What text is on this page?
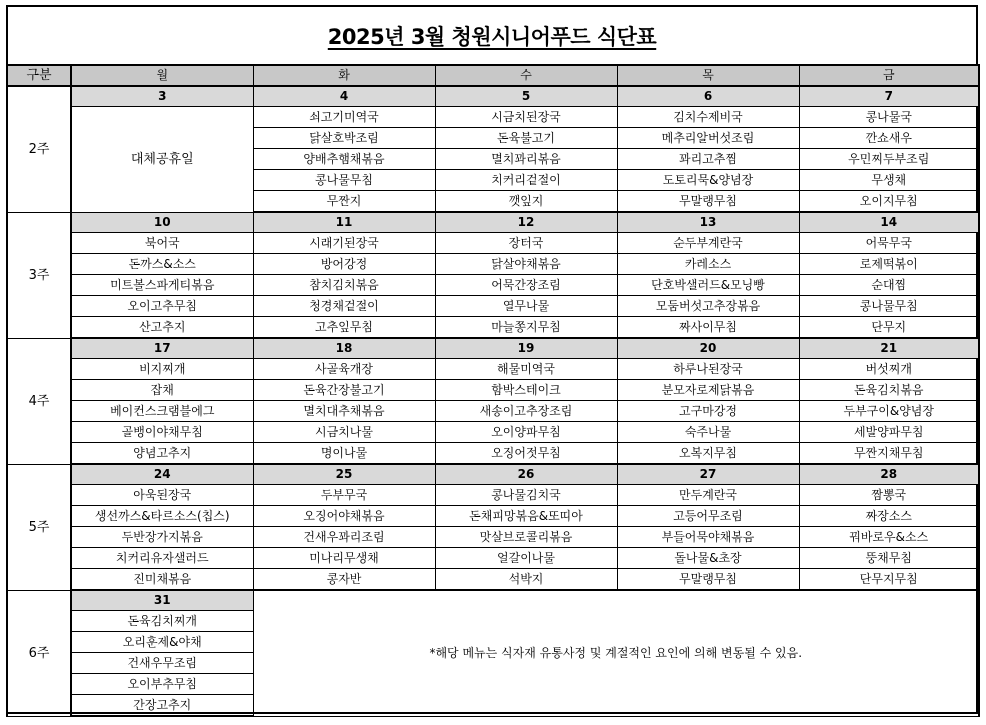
2025년 3월 청원시니어푸드 식단표
구분	월	화	수	목	금
2주	3	4	5	6	7
	대체공휴일	쇠고기미역국	시금치된장국	김치수제비국	콩나물국
		닭살호박조림	돈육불고기	메추리알버섯조림	깐쇼새우
		양배추햄채볶음	멸치꽈리볶음	꽈리고추찜	우민찌두부조림
		콩나물무침	치커리겉절이	도토리묵&양념장	무생채
		무짠지	깻잎지	무말랭무침	오이지무침
3주	10	11	12	13	14
	북어국	시래기된장국	장터국	순두부계란국	어묵무국
	돈까스&소스	방어강정	닭살야채볶음	카레소스	로제떡볶이
	미트볼스파게티볶음	참치김치볶음	어묵간장조림	단호박샐러드&모닝빵	순대찜
	오이고추무침	청경채겉절이	열무나물	모둠버섯고추장볶음	콩나물무침
	산고추지	고추잎무침	마늘쫑지무침	짜사이무침	단무지
4주	17	18	19	20	21
	비지찌개	사골육개장	해물미역국	하루나된장국	버섯찌개
	잡채	돈육간장불고기	함박스테이크	분모자로제닭볶음	돈육김치볶음
	베이컨스크램블에그	멸치대추채볶음	새송이고추장조림	고구마강정	두부구이&양념장
	골뱅이야채무침	시금치나물	오이양파무침	숙주나물	세발양파무침
	양념고추지	명이나물	오징어젓무침	오복지무침	무짠지채무침
5주	24	25	26	27	28
	아욱된장국	두부무국	콩나물김치국	만두계란국	짬뽕국
	생선까스&타르소스(칩스)	오징어야채볶음	돈채피망볶음&또띠아	고등어무조림	짜장소스
	두반장가지볶음	건새우꽈리조림	맛살브로콜리볶음	부들어묵야채볶음	꿔바로우&소스
	치커리유자샐러드	미나리무생채	얼갈이나물	돌나물&초장	뚱채무침
	진미채볶음	콩자반	석박지	무말랭무침	단무지무침
6주	31	*해당 메뉴는 식자재 유통사정 및 계절적인 요인에 의해 변동될 수 있음.			
	돈육김치찌개				
	오리훈제&야채				
	건새우무조림				
	오이부추무침				
	간장고추지				
